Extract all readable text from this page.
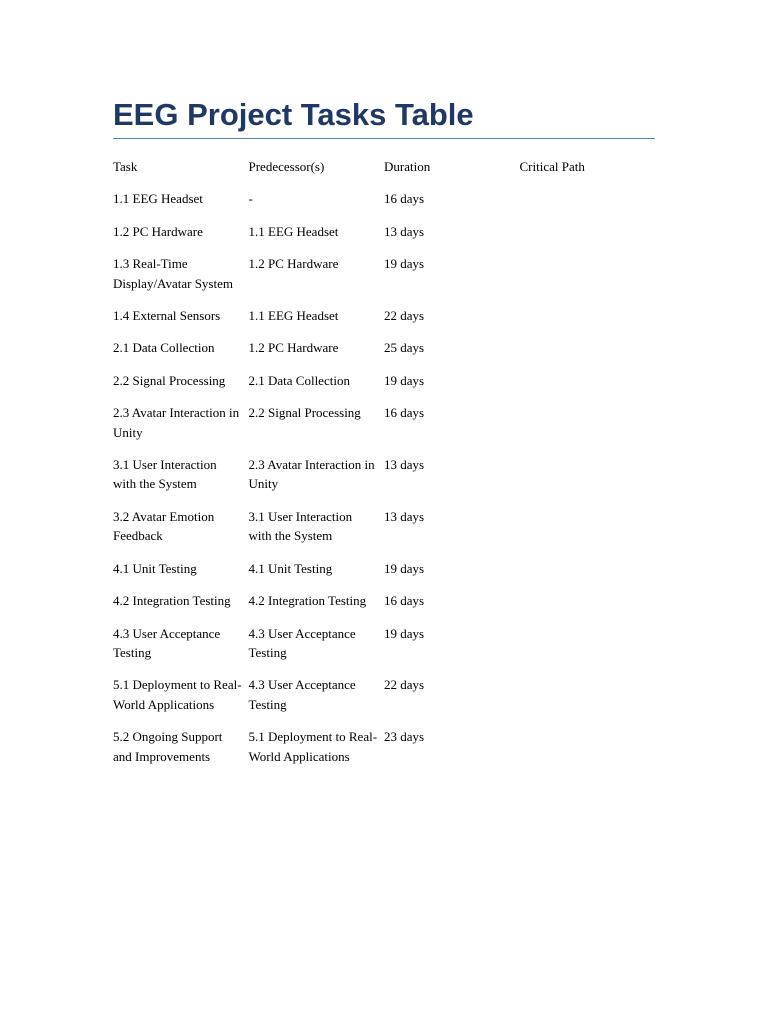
EEG Project Tasks Table
Task	Predecessor(s)	Duration	Critical Path
1.1 EEG Headset	-	16 days	
1.2 PC Hardware	1.1 EEG Headset	13 days	
1.3 Real-Time Display/Avatar System	1.2 PC Hardware	19 days	
1.4 External Sensors	1.1 EEG Headset	22 days	
2.1 Data Collection	1.2 PC Hardware	25 days	
2.2 Signal Processing	2.1 Data Collection	19 days	
2.3 Avatar Interaction in Unity	2.2 Signal Processing	16 days	
3.1 User Interaction with the System	2.3 Avatar Interaction in Unity	13 days	
3.2 Avatar Emotion Feedback	3.1 User Interaction with the System	13 days	
4.1 Unit Testing	4.1 Unit Testing	19 days	
4.2 Integration Testing	4.2 Integration Testing	16 days	
4.3 User Acceptance Testing	4.3 User Acceptance Testing	19 days	
5.1 Deployment to Real-World Applications	4.3 User Acceptance Testing	22 days	
5.2 Ongoing Support and Improvements	5.1 Deployment to Real-World Applications	23 days	
